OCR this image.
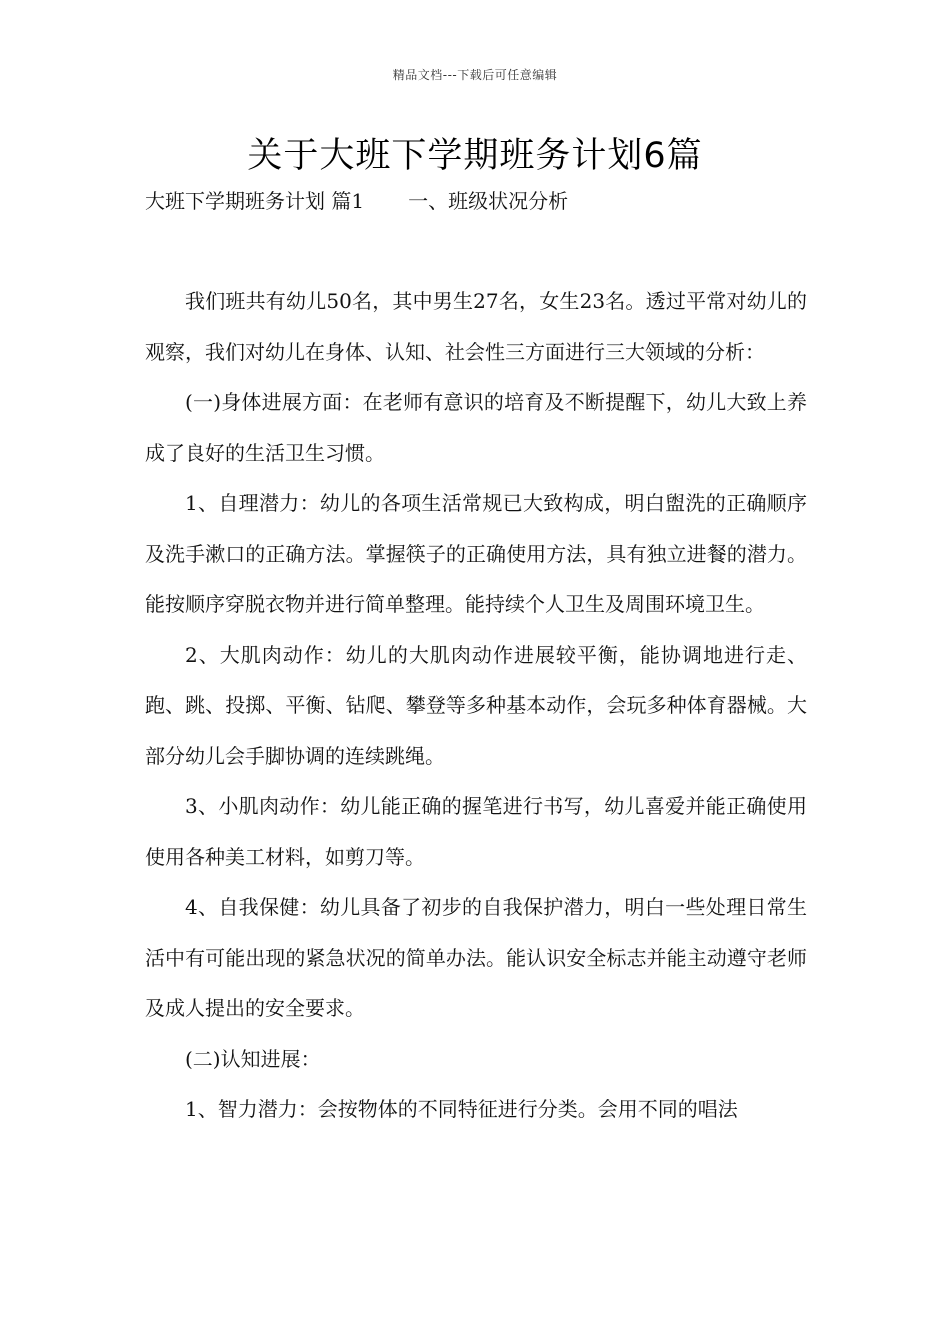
精品文档---下载后可任意编辑
关于大班下学期班务计划6篇
大班下学期班务计划 篇1 一、班级状况分析

我们班共有幼儿50名，其中男生27名，女生23名。透过平常对幼儿的观察，我们对幼儿在身体、认知、社会性三方面进行三大领域的分析：

(一)身体进展方面：在老师有意识的培育及不断提醒下，幼儿大致上养成了良好的生活卫生习惯。

1、自理潜力：幼儿的各项生活常规已大致构成，明白盥洗的正确顺序及洗手漱口的正确方法。掌握筷子的正确使用方法，具有独立进餐的潜力。能按顺序穿脱衣物并进行简单整理。能持续个人卫生及周围环境卫生。

2、大肌肉动作：幼儿的大肌肉动作进展较平衡，能协调地进行走、跑、跳、投掷、平衡、钻爬、攀登等多种基本动作，会玩多种体育器械。大部分幼儿会手脚协调的连续跳绳。

3、小肌肉动作：幼儿能正确的握笔进行书写，幼儿喜爱并能正确使用使用各种美工材料，如剪刀等。

4、自我保健：幼儿具备了初步的自我保护潜力，明白一些处理日常生活中有可能出现的紧急状况的简单办法。能认识安全标志并能主动遵守老师及成人提出的安全要求。

(二)认知进展：

1、智力潜力：会按物体的不同特征进行分类。会用不同的唱法
